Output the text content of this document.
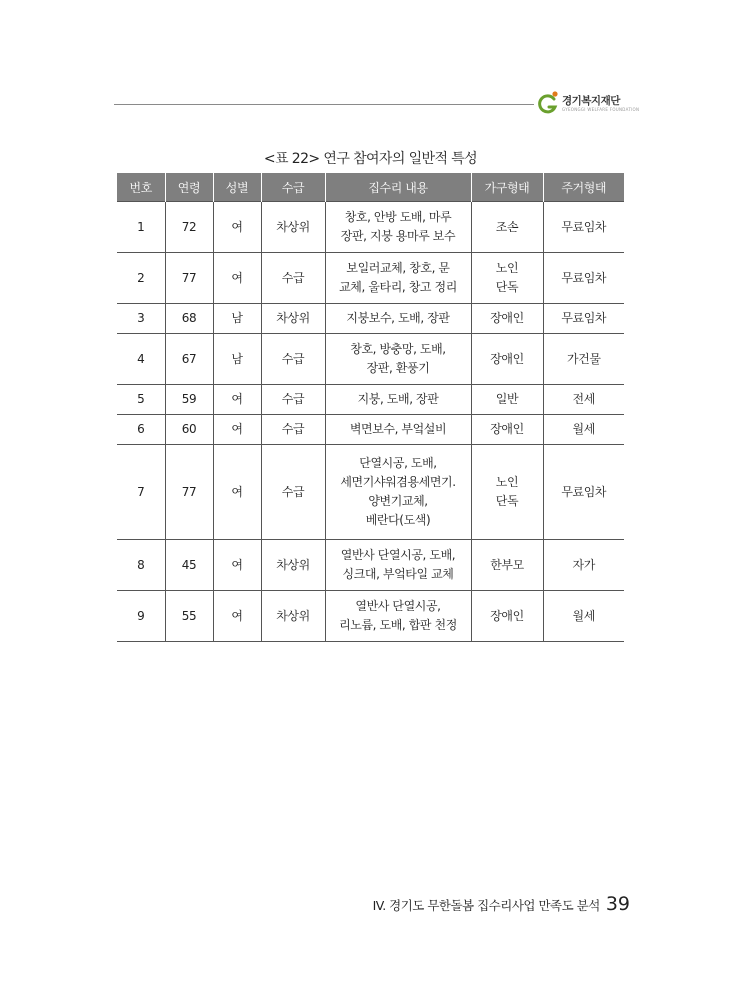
경기복지재단
GYEONGGI WELFARE FOUNDATION
<표 22> 연구 참여자의 일반적 특성
번호	연령	성별	수급	집수리 내용	가구형태	주거형태
1	72	여	차상위	창호, 안방 도배, 마루
장판, 지붕 용마루 보수	조손	무료임차
2	77	여	수급	보일러교체, 창호, 문
교체, 울타리, 창고 정리	노인
단독	무료임차
3	68	남	차상위	지붕보수, 도배, 장판	장애인	무료임차
4	67	남	수급	창호, 방충망, 도배,
장판, 환풍기	장애인	가건물
5	59	여	수급	지붕, 도배, 장판	일반	전세
6	60	여	수급	벽면보수, 부엌설비	장애인	월세
7	77	여	수급	단열시공, 도배,
세면기샤워겸용세면기.
양변기교체,
베란다(도색)	노인
단독	무료임차
8	45	여	차상위	열반사 단열시공, 도배,
싱크대, 부엌타일 교체	한부모	자가
9	55	여	차상위	열반사 단열시공,
리노륨, 도배, 합판 천정	장애인	월세
IV. 경기도 무한돌봄 집수리사업 만족도 분석 39
